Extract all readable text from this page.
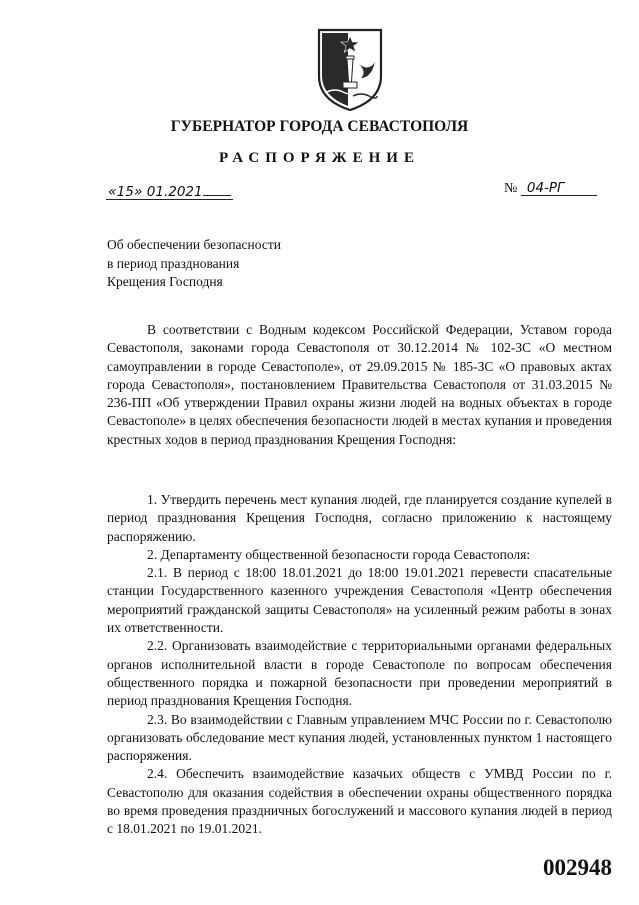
ГУБЕРНАТОР ГОРОДА СЕВАСТОПОЛЯ
РАСПОРЯЖЕНИЕ
«15» 01.2021	№ 04-РГ
Об обеспечении безопасности
в период празднования
Крещения Господня

В соответствии с Водным кодексом Российской Федерации, Уставом города Севастополя, законами города Севастополя от 30.12.2014 № 102-ЗС «О местном самоуправлении в городе Севастополе», от 29.09.2015 № 185-ЗС «О правовых актах города Севастополя», постановлением Правительства Севастополя от 31.03.2015 № 236-ПП «Об утверждении Правил охраны жизни людей на водных объектах в городе Севастополе» в целях обеспечения безопасности людей в местах купания и проведения крестных ходов в период празднования Крещения Господня:

1. Утвердить перечень мест купания людей, где планируется создание купелей в период празднования Крещения Господня, согласно приложению к настоящему распоряжению.

2. Департаменту общественной безопасности города Севастополя:

2.1. В период с 18:00 18.01.2021 до 18:00 19.01.2021 перевести спасательные станции Государственного казенного учреждения Севастополя «Центр обеспечения мероприятий гражданской защиты Севастополя» на усиленный режим работы в зонах их ответственности.

2.2. Организовать взаимодействие с территориальными органами федеральных органов исполнительной власти в городе Севастополе по вопросам обеспечения общественного порядка и пожарной безопасности при проведении мероприятий в период празднования Крещения Господня.

2.3. Во взаимодействии с Главным управлением МЧС России по г. Севастополю организовать обследование мест купания людей, установленных пунктом 1 настоящего распоряжения.

2.4. Обеспечить взаимодействие казачьих обществ с УМВД России по г. Севастополю для оказания содействия в обеспечении охраны общественного порядка во время проведения праздничных богослужений и массового купания людей в период с 18.01.2021 по 19.01.2021.

002948
